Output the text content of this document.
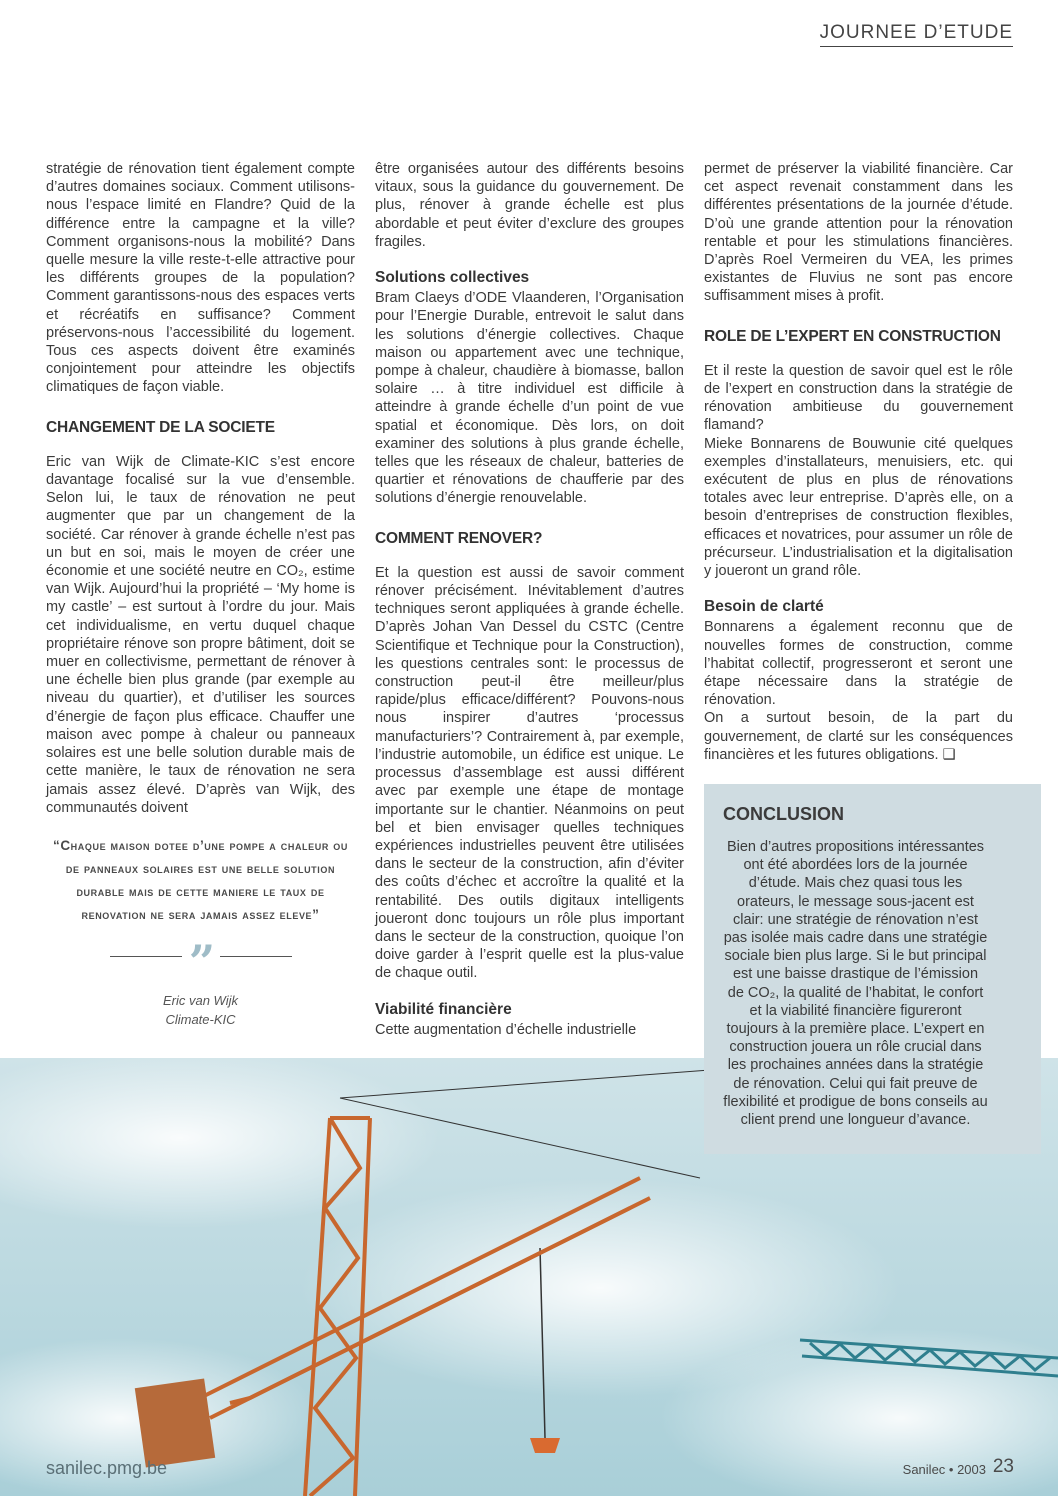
JOURNEE D’ETUDE

stratégie de rénovation tient également compte d’autres domaines sociaux. Comment utilisons-nous l’espace limité en Flandre? Quid de la différence entre la campagne et la ville? Comment organisons-nous la mobilité? Dans quelle mesure la ville reste-t-elle attractive pour les différents groupes de la population? Comment garantissons-nous des espaces verts et récréatifs en suffisance? Comment préservons-nous l’accessibilité du logement. Tous ces aspects doivent être examinés conjointement pour atteindre les objectifs climatiques de façon viable.

CHANGEMENT DE LA SOCIETE

Eric van Wijk de Climate-KIC s’est encore davantage focalisé sur la vue d’ensemble. Selon lui, le taux de rénovation ne peut augmenter que par un changement de la société. Car rénover à grande échelle n’est pas un but en soi, mais le moyen de créer une économie et une société neutre en CO₂, estime van Wijk. Aujourd’hui la propriété – ‘My home is my castle’ – est surtout à l’ordre du jour. Mais cet individualisme, en vertu duquel chaque propriétaire rénove son propre bâtiment, doit se muer en collectivisme, permettant de rénover à une échelle bien plus grande (par exemple au niveau du quartier), et d’utiliser les sources d’énergie de façon plus efficace. Chauffer une maison avec pompe à chaleur ou panneaux solaires est une belle solution durable mais de cette manière, le taux de rénovation ne sera jamais assez élevé. D’après van Wijk, des communautés doivent

“Chaque maison dotee d’une pompe a chaleur ou de panneaux solaires est une belle solution durable mais de cette maniere le taux de renovation ne sera jamais assez eleve”
”
Eric van Wijk
Climate-KIC

être organisées autour des différents besoins vitaux, sous la guidance du gouvernement. De plus, rénover à grande échelle est plus abordable et peut éviter d’exclure des groupes fragiles.

Solutions collectives

Bram Claeys d’ODE Vlaanderen, l’Organisation pour l’Energie Durable, entrevoit le salut dans les solutions d’énergie collectives. Chaque maison ou appartement avec une technique, pompe à chaleur, chaudière à biomasse, ballon solaire … à titre individuel est difficile à atteindre à grande échelle d’un point de vue spatial et économique. Dès lors, on doit examiner des solutions à plus grande échelle, telles que les réseaux de chaleur, batteries de quartier et rénovations de chaufferie par des solutions d’énergie renouvelable.

COMMENT RENOVER?

Et la question est aussi de savoir comment rénover précisément. Inévitablement d’autres techniques seront appliquées à grande échelle. D’après Johan Van Dessel du CSTC (Centre Scientifique et Technique pour la Construction), les questions centrales sont: le processus de construction peut-il être meilleur/plus rapide/plus efficace/différent? Pouvons-nous nous inspirer d’autres ‘processus manufacturiers’? Contrairement à, par exemple, l’industrie automobile, un édifice est unique. Le processus d’assemblage est aussi différent avec par exemple une étape de montage importante sur le chantier. Néanmoins on peut bel et bien envisager quelles techniques expériences industrielles peuvent être utilisées dans le secteur de la construction, afin d’éviter des coûts d’échec et accroître la qualité et la rentabilité. Des outils digitaux intelligents joueront donc toujours un rôle plus important dans le secteur de la construction, quoique l’on doive garder à l’esprit quelle est la plus-value de chaque outil.

Viabilité financière

Cette augmentation d’échelle industrielle

permet de préserver la viabilité financière. Car cet aspect revenait constamment dans les différentes présentations de la journée d’étude. D’où une grande attention pour la rénovation rentable et pour les stimulations financières. D’après Roel Vermeiren du VEA, les primes existantes de Fluvius ne sont pas encore suffisamment mises à profit.

ROLE DE L’EXPERT EN CONSTRUCTION

Et il reste la question de savoir quel est le rôle de l’expert en construction dans la stratégie de rénovation ambitieuse du gouvernement flamand?

Mieke Bonnarens de Bouwunie cité quelques exemples d’installateurs, menuisiers, etc. qui exécutent de plus en plus de rénovations totales avec leur entreprise. D’après elle, on a besoin d’entreprises de construction flexibles, efficaces et novatrices, pour assumer un rôle de précurseur. L’industrialisation et la digitalisation y joueront un grand rôle.

Besoin de clarté

Bonnarens a également reconnu que de nouvelles formes de construction, comme l’habitat collectif, progresseront et seront une étape nécessaire dans la stratégie de rénovation.

On a surtout besoin, de la part du gouvernement, de clarté sur les conséquences financières et les futures obligations. ❑

CONCLUSION
Bien d’autres propositions intéressantes ont été abordées lors de la journée d’étude. Mais chez quasi tous les orateurs, le message sous-jacent est clair: une stratégie de rénovation n’est pas isolée mais cadre dans une stratégie sociale bien plus large. Si le but principal est une baisse drastique de l’émission de CO₂, la qualité de l’habitat, le confort et la viabilité financière figureront toujours à la première place. L’expert en construction jouera un rôle crucial dans les prochaines années dans la stratégie de rénovation. Celui qui fait preuve de flexibilité et prodigue de bons conseils au client prend une longueur d’avance.
sanilec.pmg.be	Sanilec • 2003 23
